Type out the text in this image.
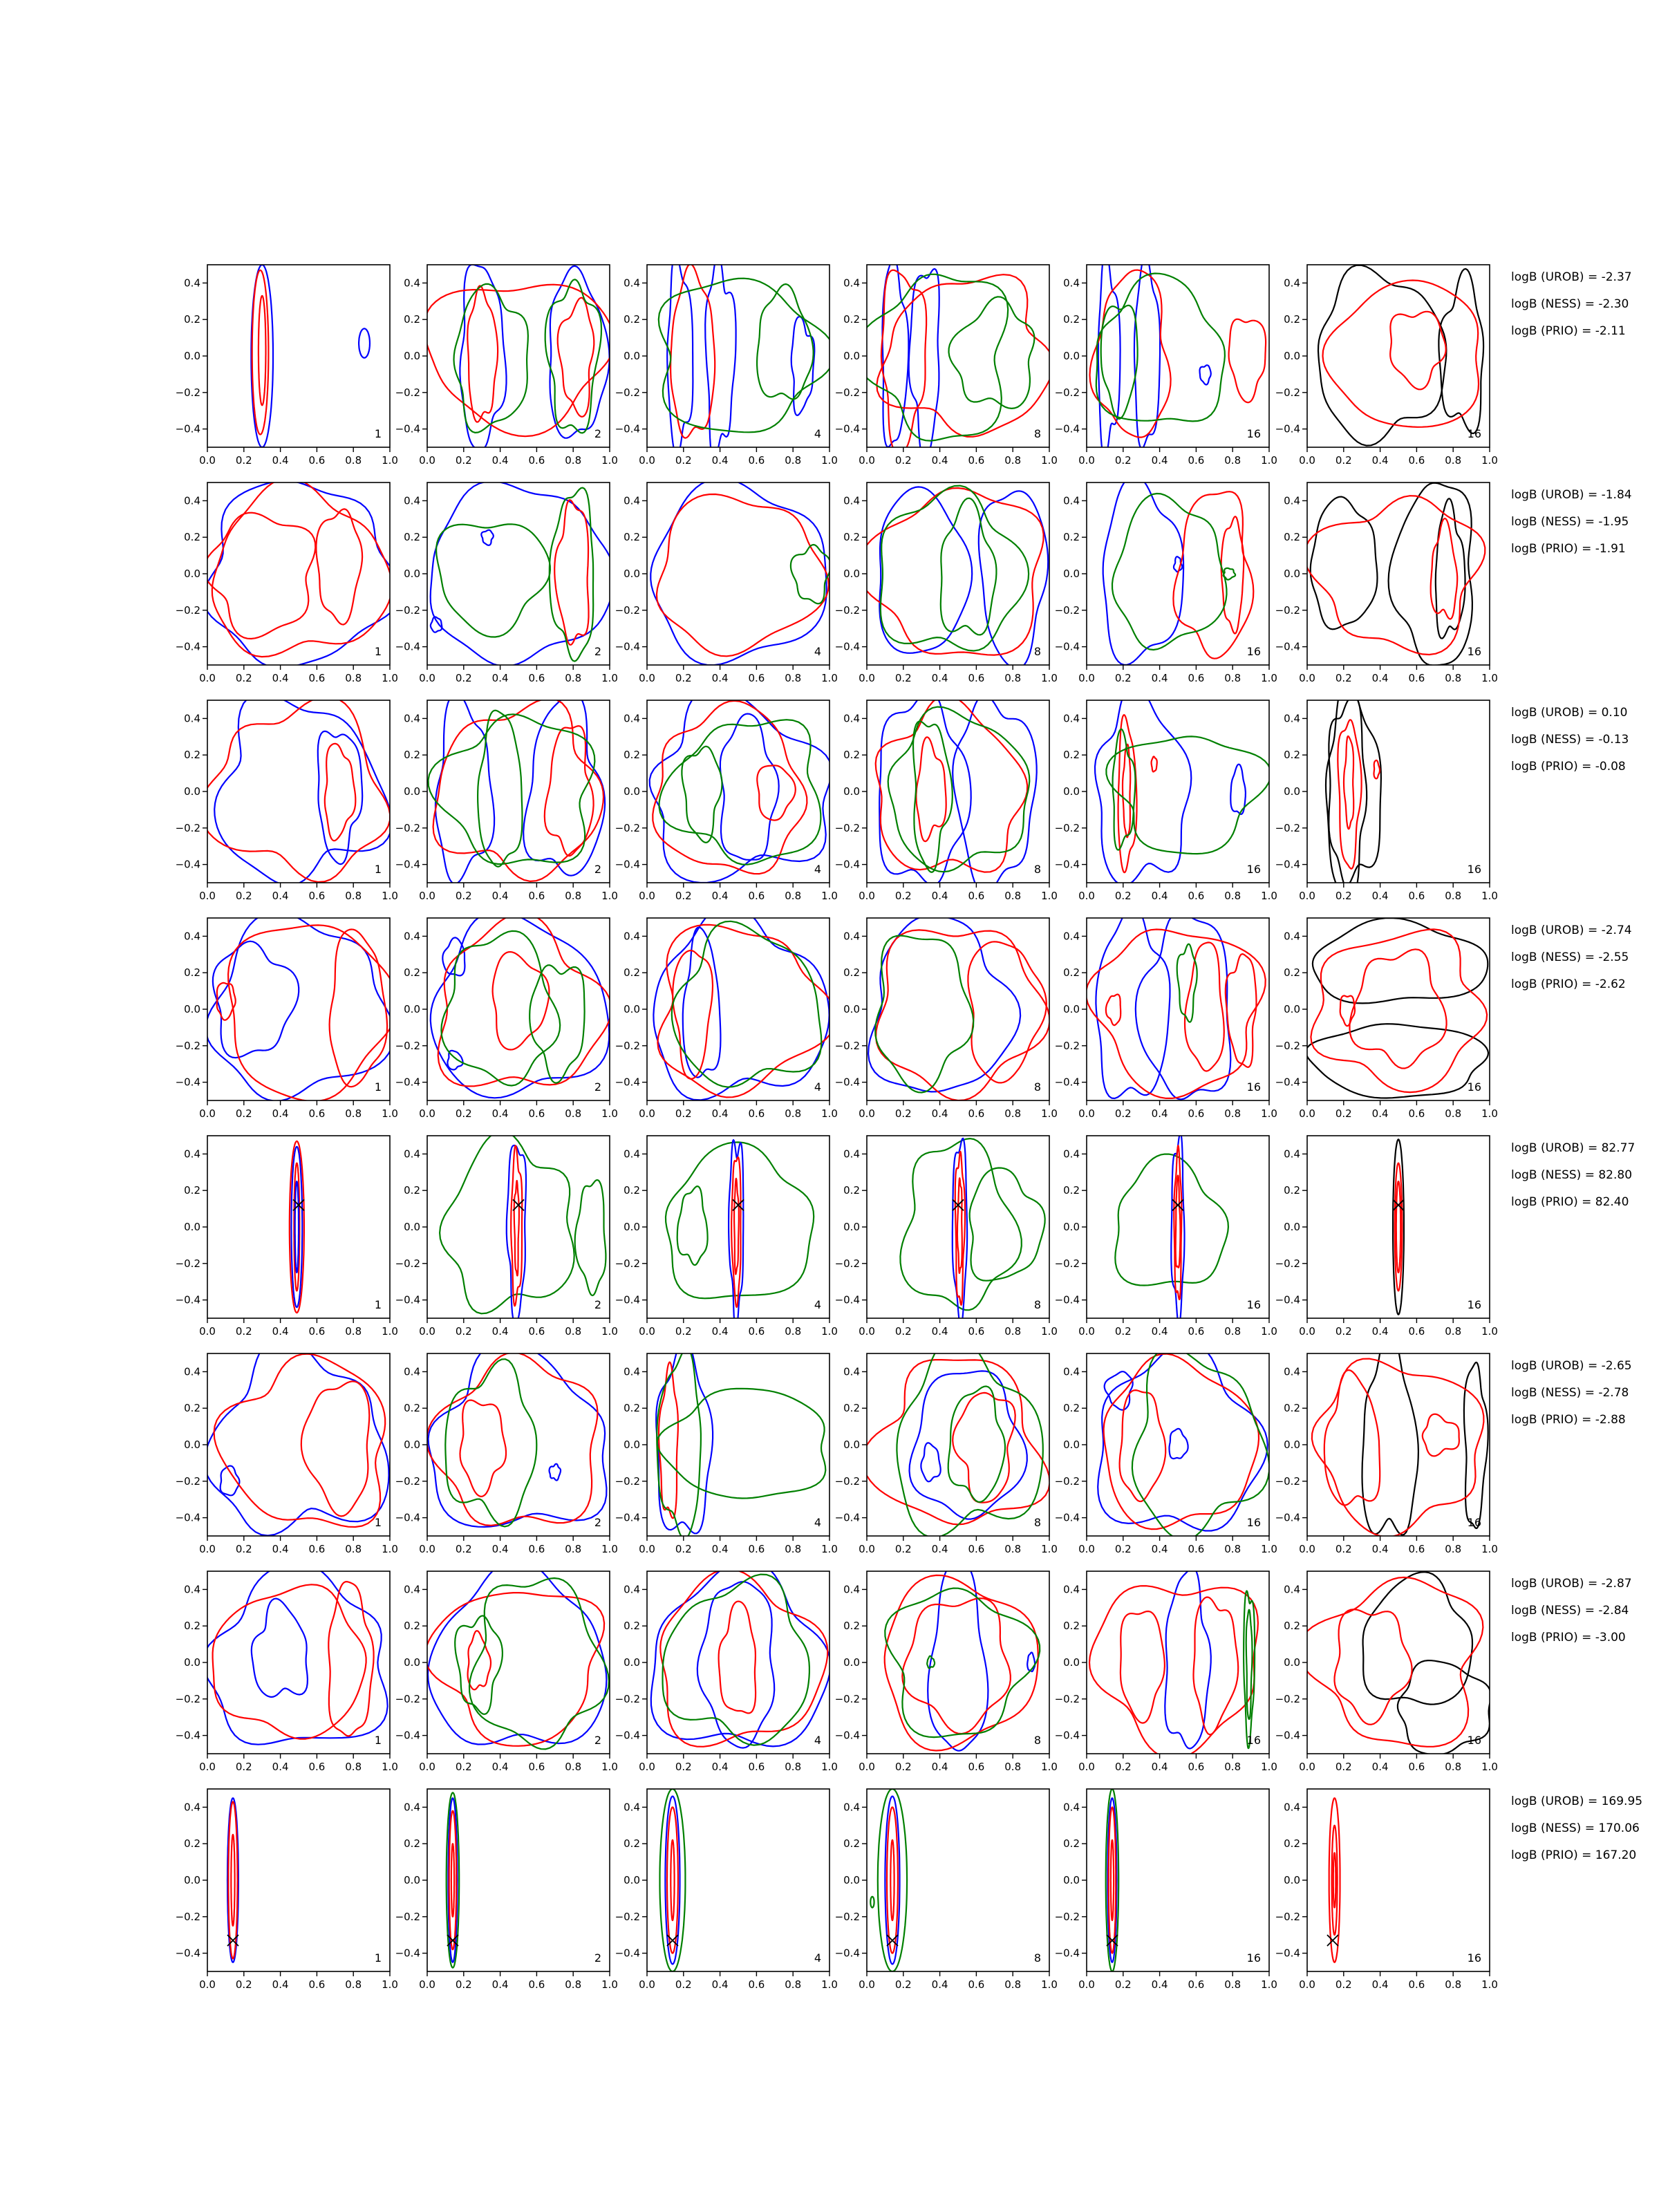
0.0 0.2 0.4 0.6 0.8 1.0
−0.4
−0.2
0.0
0.2
0.4
1
0.0 0.2 0.4 0.6 0.8 1.0
−0.4
−0.2
0.0
0.2
0.4
2
0.0 0.2 0.4 0.6 0.8 1.0
−0.4
−0.2
0.0
0.2
0.4
4
0.0 0.2 0.4 0.6 0.8 1.0
−0.4
−0.2
0.0
0.2
0.4
8
0.0 0.2 0.4 0.6 0.8 1.0
−0.4
−0.2
0.0
0.2
0.4
16
0.0 0.2 0.4 0.6 0.8 1.0
−0.4
−0.2
0.0
0.2
0.4
16
0.0 0.2 0.4 0.6 0.8 1.0
−0.4
−0.2
0.0
0.2
0.4
1
0.0 0.2 0.4 0.6 0.8 1.0
−0.4
−0.2
0.0
0.2
0.4
2
0.0 0.2 0.4 0.6 0.8 1.0
−0.4
−0.2
0.0
0.2
0.4
4
0.0 0.2 0.4 0.6 0.8 1.0
−0.4
−0.2
0.0
0.2
0.4
8
0.0 0.2 0.4 0.6 0.8 1.0
−0.4
−0.2
0.0
0.2
0.4
16
0.0 0.2 0.4 0.6 0.8 1.0
−0.4
−0.2
0.0
0.2
0.4
16
0.0 0.2 0.4 0.6 0.8 1.0
−0.4
−0.2
0.0
0.2
0.4
1
0.0 0.2 0.4 0.6 0.8 1.0
−0.4
−0.2
0.0
0.2
0.4
2
0.0 0.2 0.4 0.6 0.8 1.0
−0.4
−0.2
0.0
0.2
0.4
4
0.0 0.2 0.4 0.6 0.8 1.0
−0.4
−0.2
0.0
0.2
0.4
8
0.0 0.2 0.4 0.6 0.8 1.0
−0.4
−0.2
0.0
0.2
0.4
16
0.0 0.2 0.4 0.6 0.8 1.0
−0.4
−0.2
0.0
0.2
0.4
16
0.0 0.2 0.4 0.6 0.8 1.0
−0.4
−0.2
0.0
0.2
0.4
1
0.0 0.2 0.4 0.6 0.8 1.0
−0.4
−0.2
0.0
0.2
0.4
2
0.0 0.2 0.4 0.6 0.8 1.0
−0.4
−0.2
0.0
0.2
0.4
4
0.0 0.2 0.4 0.6 0.8 1.0
−0.4
−0.2
0.0
0.2
0.4
8
0.0 0.2 0.4 0.6 0.8 1.0
−0.4
−0.2
0.0
0.2
0.4
16
0.0 0.2 0.4 0.6 0.8 1.0
−0.4
−0.2
0.0
0.2
0.4
16
0.0 0.2 0.4 0.6 0.8 1.0
−0.4
−0.2
0.0
0.2
0.4
1
0.0 0.2 0.4 0.6 0.8 1.0
−0.4
−0.2
0.0
0.2
0.4
2
0.0 0.2 0.4 0.6 0.8 1.0
−0.4
−0.2
0.0
0.2
0.4
4
0.0 0.2 0.4 0.6 0.8 1.0
−0.4
−0.2
0.0
0.2
0.4
8
0.0 0.2 0.4 0.6 0.8 1.0
−0.4
−0.2
0.0
0.2
0.4
16
0.0 0.2 0.4 0.6 0.8 1.0
−0.4
−0.2
0.0
0.2
0.4
16
0.0 0.2 0.4 0.6 0.8 1.0
−0.4
−0.2
0.0
0.2
0.4
1
0.0 0.2 0.4 0.6 0.8 1.0
−0.4
−0.2
0.0
0.2
0.4
2
0.0 0.2 0.4 0.6 0.8 1.0
−0.4
−0.2
0.0
0.2
0.4
4
0.0 0.2 0.4 0.6 0.8 1.0
−0.4
−0.2
0.0
0.2
0.4
8
0.0 0.2 0.4 0.6 0.8 1.0
−0.4
−0.2
0.0
0.2
0.4
16
0.0 0.2 0.4 0.6 0.8 1.0
−0.4
−0.2
0.0
0.2
0.4
16
0.0 0.2 0.4 0.6 0.8 1.0
−0.4
−0.2
0.0
0.2
0.4
1
0.0 0.2 0.4 0.6 0.8 1.0
−0.4
−0.2
0.0
0.2
0.4
2
0.0 0.2 0.4 0.6 0.8 1.0
−0.4
−0.2
0.0
0.2
0.4
4
0.0 0.2 0.4 0.6 0.8 1.0
−0.4
−0.2
0.0
0.2
0.4
8
0.0 0.2 0.4 0.6 0.8 1.0
−0.4
−0.2
0.0
0.2
0.4
16
0.0 0.2 0.4 0.6 0.8 1.0
−0.4
−0.2
0.0
0.2
0.4
16
0.0 0.2 0.4 0.6 0.8 1.0
−0.4
−0.2
0.0
0.2
0.4
1
0.0 0.2 0.4 0.6 0.8 1.0
−0.4
−0.2
0.0
0.2
0.4
2
0.0 0.2 0.4 0.6 0.8 1.0
−0.4
−0.2
0.0
0.2
0.4
4
0.0 0.2 0.4 0.6 0.8 1.0
−0.4
−0.2
0.0
0.2
0.4
8
0.0 0.2 0.4 0.6 0.8 1.0
−0.4
−0.2
0.0
0.2
0.4
16
0.0 0.2 0.4 0.6 0.8 1.0
−0.4
−0.2
0.0
0.2
0.4
16
logB (UROB) = -2.37
logB (NESS) = -2.30
logB (PRIO) = -2.11
logB (UROB) = -1.84
logB (NESS) = -1.95
logB (PRIO) = -1.91
logB (UROB) = 0.10
logB (NESS) = -0.13
logB (PRIO) = -0.08
logB (UROB) = -2.74
logB (NESS) = -2.55
logB (PRIO) = -2.62
logB (UROB) = 82.77
logB (NESS) = 82.80
logB (PRIO) = 82.40
logB (UROB) = -2.65
logB (NESS) = -2.78
logB (PRIO) = -2.88
logB (UROB) = -2.87
logB (NESS) = -2.84
logB (PRIO) = -3.00
logB (UROB) = 169.95
logB (NESS) = 170.06
logB (PRIO) = 167.20
